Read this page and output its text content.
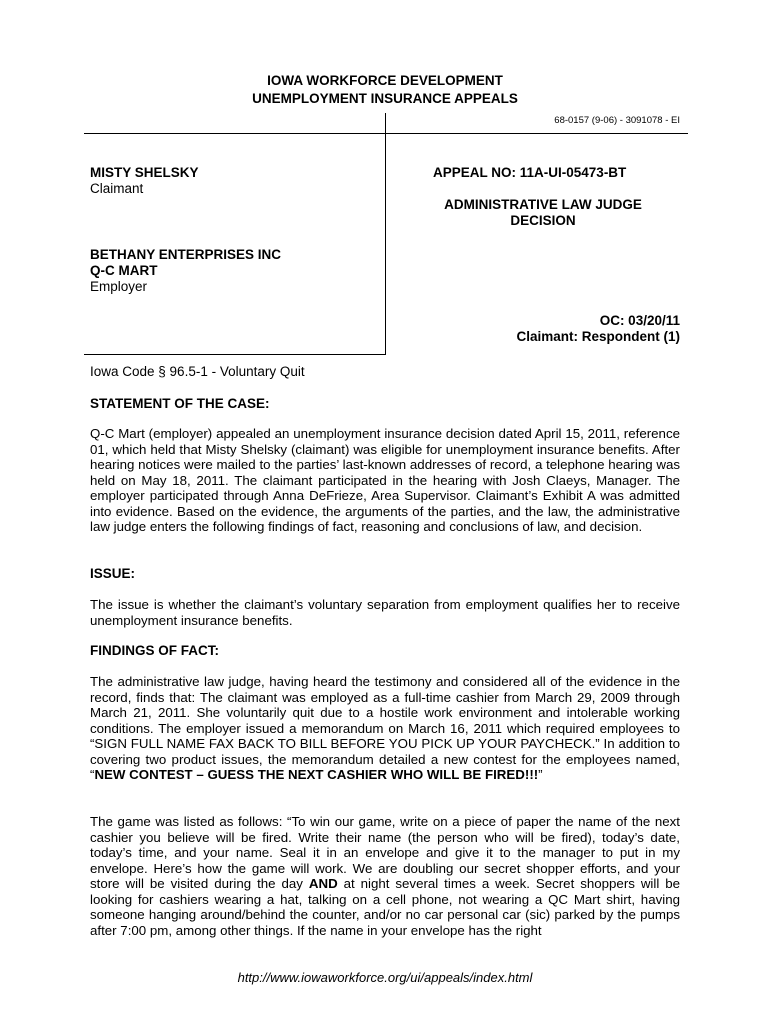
IOWA WORKFORCE DEVELOPMENT
UNEMPLOYMENT INSURANCE APPEALS
68-0157 (9-06) - 3091078 - EI
MISTY SHELSKY
Claimant
BETHANY ENTERPRISES INC
Q-C MART
Employer
APPEAL NO: 11A-UI-05473-BT
ADMINISTRATIVE LAW JUDGE
DECISION
OC: 03/20/11
Claimant: Respondent (1)
Iowa Code § 96.5-1 - Voluntary Quit
STATEMENT OF THE CASE:
Q-C Mart (employer) appealed an unemployment insurance decision dated April 15, 2011, reference 01, which held that Misty Shelsky (claimant) was eligible for unemployment insurance benefits. After hearing notices were mailed to the parties’ last-known addresses of record, a telephone hearing was held on May 18, 2011. The claimant participated in the hearing with Josh Claeys, Manager. The employer participated through Anna DeFrieze, Area Supervisor. Claimant’s Exhibit A was admitted into evidence. Based on the evidence, the arguments of the parties, and the law, the administrative law judge enters the following findings of fact, reasoning and conclusions of law, and decision.
ISSUE:
The issue is whether the claimant’s voluntary separation from employment qualifies her to receive unemployment insurance benefits.
FINDINGS OF FACT:
The administrative law judge, having heard the testimony and considered all of the evidence in the record, finds that: The claimant was employed as a full-time cashier from March 29, 2009 through March 21, 2011. She voluntarily quit due to a hostile work environment and intolerable working conditions. The employer issued a memorandum on March 16, 2011 which required employees to “SIGN FULL NAME FAX BACK TO BILL BEFORE YOU PICK UP YOUR PAYCHECK.” In addition to covering two product issues, the memorandum detailed a new contest for the employees named, “NEW CONTEST – GUESS THE NEXT CASHIER WHO WILL BE FIRED!!!”
The game was listed as follows: “To win our game, write on a piece of paper the name of the next cashier you believe will be fired. Write their name (the person who will be fired), today’s date, today’s time, and your name. Seal it in an envelope and give it to the manager to put in my envelope. Here’s how the game will work. We are doubling our secret shopper efforts, and your store will be visited during the day AND at night several times a week. Secret shoppers will be looking for cashiers wearing a hat, talking on a cell phone, not wearing a QC Mart shirt, having someone hanging around/behind the counter, and/or no car personal car (sic) parked by the pumps after 7:00 pm, among other things. If the name in your envelope has the right
http://www.iowaworkforce.org/ui/appeals/index.html
